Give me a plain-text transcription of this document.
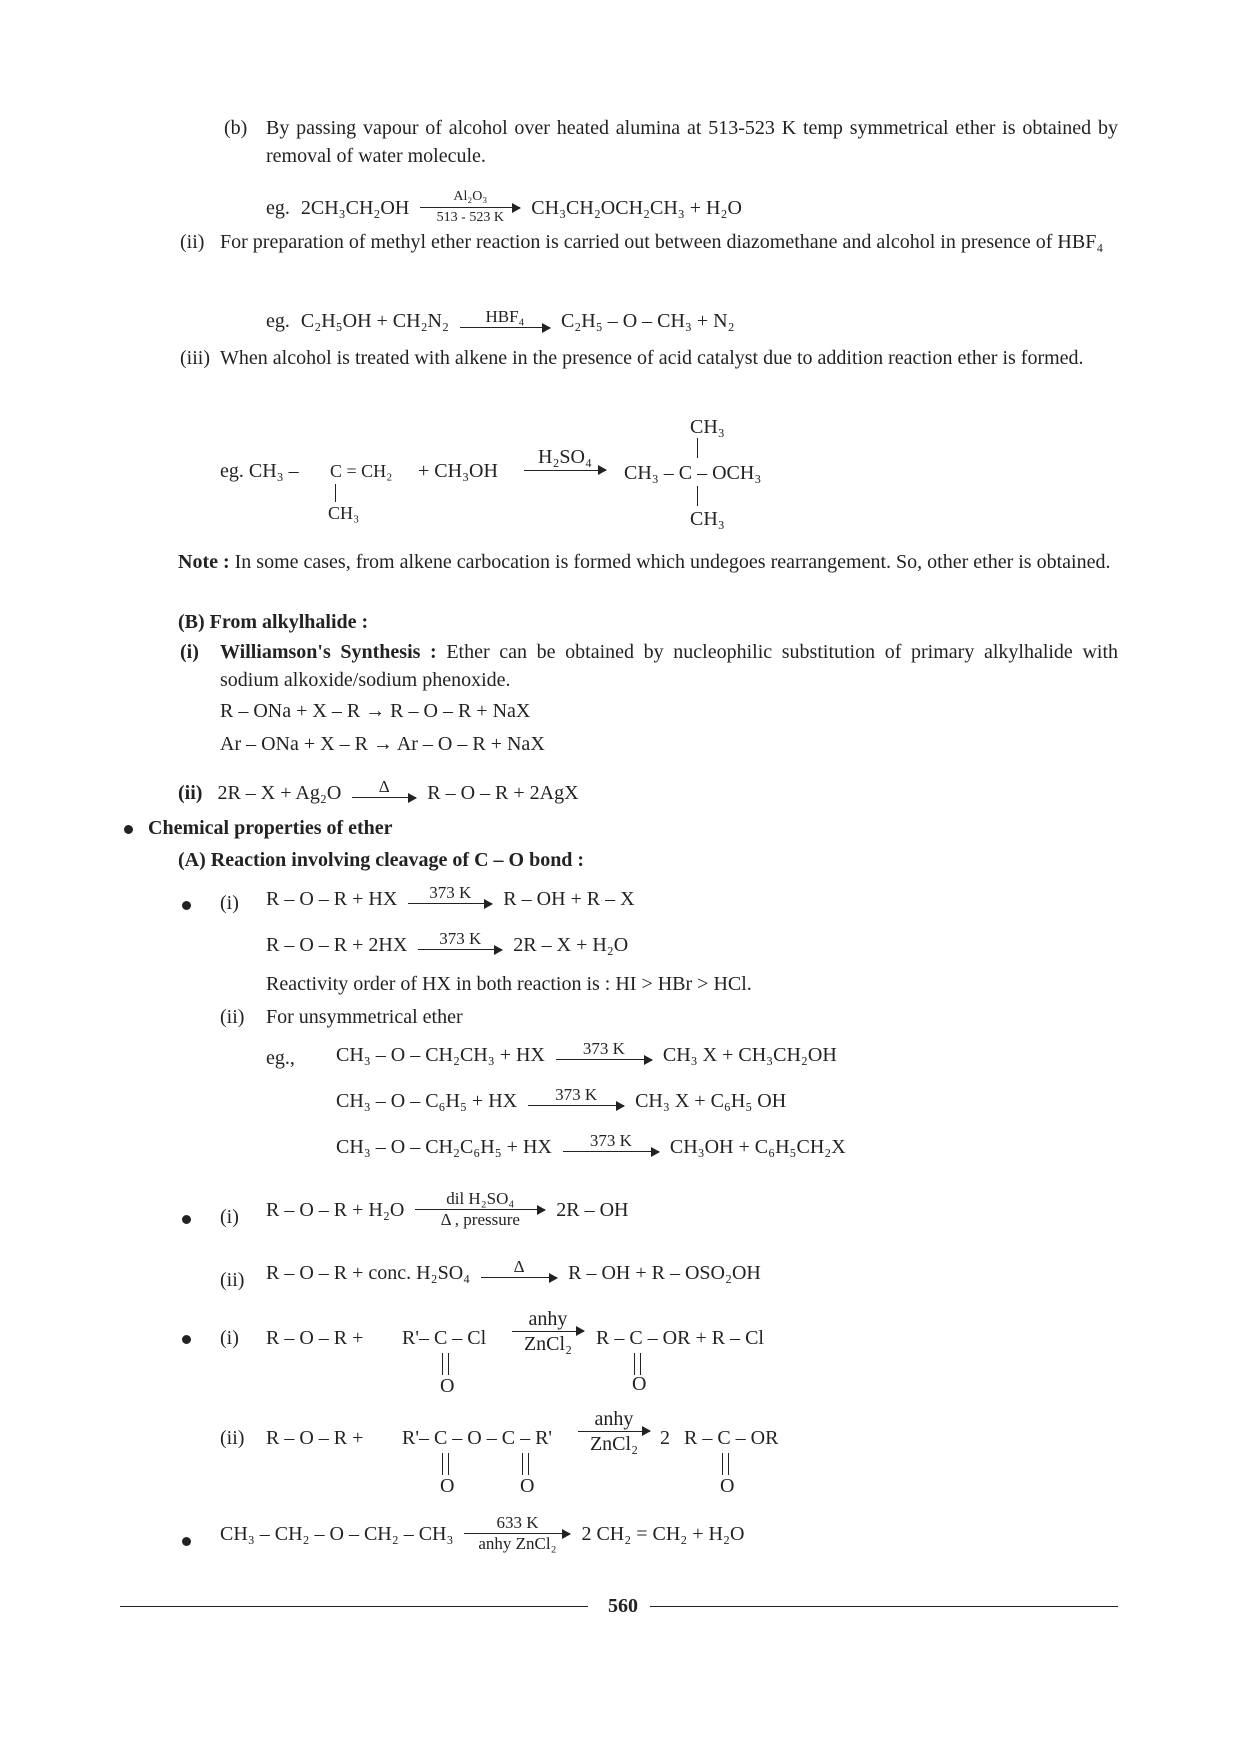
(b) By passing vapour of alcohol over heated alumina at 513-523 K temp symmetrical ether is obtained by removal of water molecule.
eg. $2CH_3CH_2OH \frac{\text{Al₂O₃}}{513 - 523 K} CH_3CH_2OCH_2CH_3 + H_2O$
(ii) For preparation of methyl ether reaction is carried out between diazomethane and alcohol in presence of HBF₄
eg. C₂H₅OH + CH₂N₂	HBF₄	C₂H₅ – O – CH₃ + N₂
(iii) When alcohol is treated with alkene in the presence of acid catalyst due to addition reaction ether is formed.
eg. CH₃ – C = CH₂
CH₃
+ CH₃OH
H₂SO₄
CH₃
CH₃ – C – OCH₃
CH₃
Note : In some cases, from alkene carbocation is formed which undegoes rearrangement. So, other ether is obtained.
(B) From alkylhalide :
(i) Williamson's Synthesis : Ether can be obtained by nucleophilic substitution of primary alkylhalide with sodium alkoxide/sodium phenoxide.
R – ONa + X – R → R – O – R + NaX
Ar – ONa + X – R → Ar – O – R + NaX
(ii) 2R – X + Ag₂O	Δ	R – O – R + 2AgX
Chemical properties of ether
(A) Reaction involving cleavage of C – O bond :
(i) R – O – R + HX	373 K	R – OH + R – X
R – O – R + 2HX	373 K	2R – X + H₂O
Reactivity order of HX in both reaction is : HI > HBr > HCl.
(ii) For unsymmetrical ether
eg., CH₃ – O – CH₂CH₃ + HX	373 K	CH₃ X + CH₃CH₂OH
CH₃ – O – C₆H₅ + HX	373 K	CH₃ X + C₆H₅ OH
CH₃ – O – CH₂C₆H₅ + HX	373 K	CH₃OH + C₆H₅CH₂X
(i) R – O – R + H₂O	dil H₂SO₄
Δ , pressure	2R – OH
(ii) R – O – R + conc. H₂SO₄	Δ	R – OH + R – OSO₂OH
(i) R – O – R + R'– C – Cl
O
anhy
ZnCl₂	R – C – OR + R – Cl
O
(ii) R – O – R + R'– C – O – C – R'
O	O
anhy
ZnCl₂	2 R – C – OR
O
CH₃ – CH₂ – O – CH₂ – CH₃	633 K
anhy ZnCl₂	2 CH₂ = CH₂ + H₂O
560
